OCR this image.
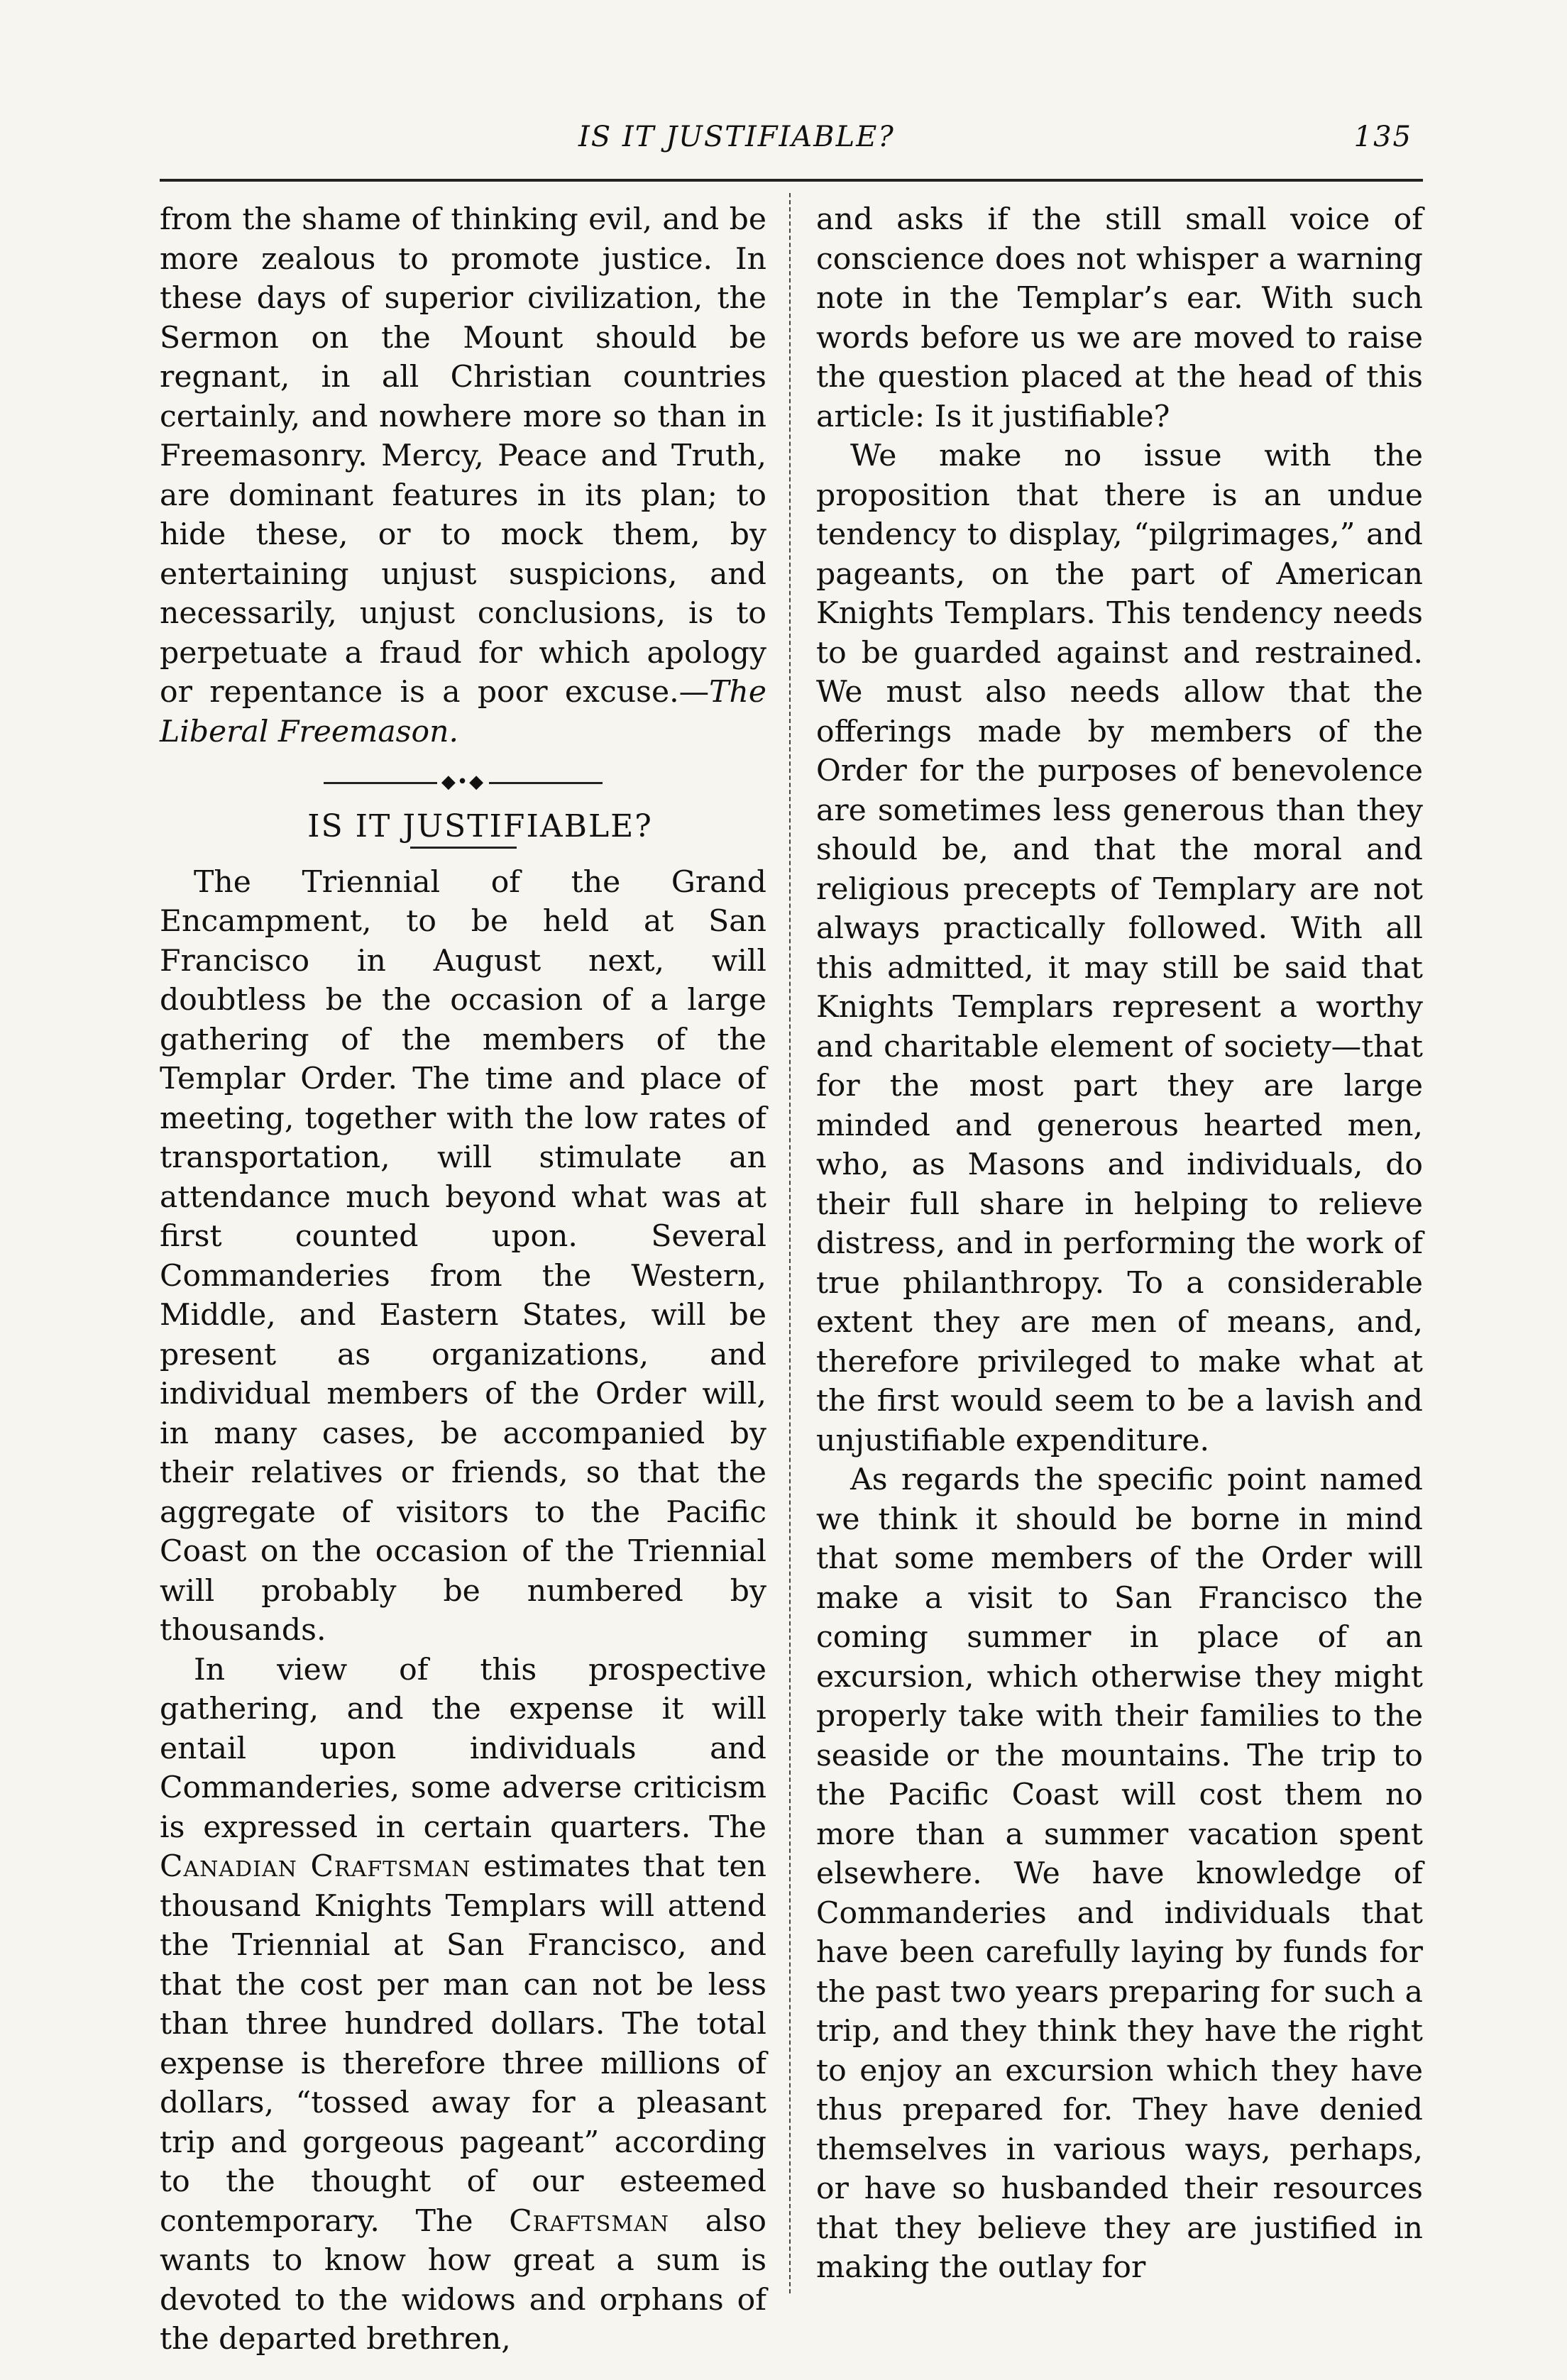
IS IT JUSTIFIABLE?	135

from the shame of thinking evil, and be more zealous to promote justice. In these days of superior civilization, the Sermon on the Mount should be regnant, in all Christian countries certainly, and nowhere more so than in Freemasonry. Mercy, Peace and Truth, are dominant features in its plan; to hide these, or to mock them, by entertaining unjust suspicions, and necessarily, unjust conclusions, is to perpetuate a fraud for which apology or repentance is a poor excuse.—The Liberal Freemason.

◆•◆

IS IT JUSTIFIABLE?

The Triennial of the Grand Encampment, to be held at San Francisco in August next, will doubtless be the occasion of a large gathering of the members of the Templar Order. The time and place of meeting, together with the low rates of transportation, will stimulate an attendance much beyond what was at first counted upon. Several Commanderies from the Western, Middle, and Eastern States, will be present as organizations, and individual members of the Order will, in many cases, be accompanied by their relatives or friends, so that the aggregate of visitors to the Pacific Coast on the occasion of the Triennial will probably be numbered by thousands.

In view of this prospective gathering, and the expense it will entail upon individuals and Commanderies, some adverse criticism is expressed in certain quarters. The Canadian Craftsman estimates that ten thousand Knights Templars will attend the Triennial at San Francisco, and that the cost per man can not be less than three hundred dollars. The total expense is therefore three millions of dollars, “tossed away for a pleasant trip and gorgeous pageant” according to the thought of our esteemed contemporary. The Craftsman also wants to know how great a sum is devoted to the widows and orphans of the departed brethren,

and asks if the still small voice of conscience does not whisper a warning note in the Templar’s ear. With such words before us we are moved to raise the question placed at the head of this article: Is it justifiable?

We make no issue with the proposition that there is an undue tendency to display, “pilgrimages,” and pageants, on the part of American Knights Templars. This tendency needs to be guarded against and restrained. We must also needs allow that the offerings made by members of the Order for the purposes of benevolence are sometimes less generous than they should be, and that the moral and religious precepts of Templary are not always practically followed. With all this admitted, it may still be said that Knights Templars represent a worthy and charitable element of society—that for the most part they are large minded and generous hearted men, who, as Masons and individuals, do their full share in helping to relieve distress, and in performing the work of true philanthropy. To a considerable extent they are men of means, and, therefore privileged to make what at the first would seem to be a lavish and unjustifiable expenditure.

As regards the specific point named we think it should be borne in mind that some members of the Order will make a visit to San Francisco the coming summer in place of an excursion, which otherwise they might properly take with their families to the seaside or the mountains. The trip to the Pacific Coast will cost them no more than a summer vacation spent elsewhere. We have knowledge of Commanderies and individuals that have been carefully laying by funds for the past two years preparing for such a trip, and they think they have the right to enjoy an excursion which they have thus prepared for. They have denied themselves in various ways, perhaps, or have so husbanded their resources that they believe they are justified in making the outlay for
